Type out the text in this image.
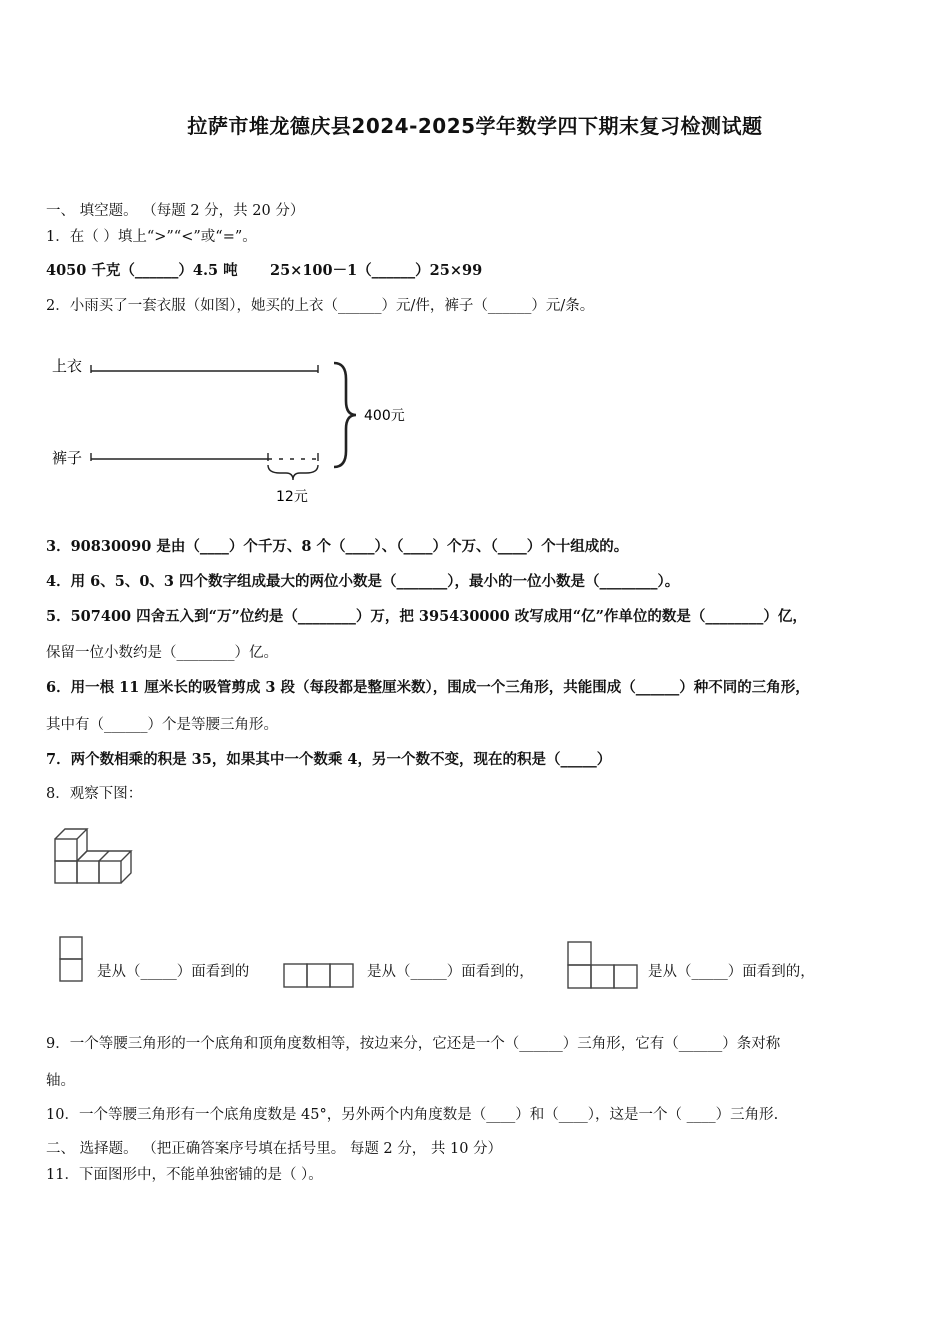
拉萨市堆龙德庆县2024-2025学年数学四下期末复习检测试题
一、 填空题。 （每题 2 分，共 20 分）
1．在（ ）填上“>”“<”或“=”。
4050 千克（______）4.5 吨 25×100－1（______）25×99
2．小雨买了一套衣服（如图），她买的上衣（______）元/件，裤子（______）元/条。
上衣
裤子
12元
400元
3．90830090 是由（____）个千万、8 个（____）、（____）个万、（____）个十组成的。
4．用 6、5、0、3 四个数字组成最大的两位小数是（_______），最小的一位小数是（________）。
5．507400 四舍五入到“万”位约是（________）万，把 395430000 改写成用“亿”作单位的数是（________）亿，
保留一位小数约是（________）亿。
6．用一根 11 厘米长的吸管剪成 3 段（每段都是整厘米数），围成一个三角形，共能围成（______）种不同的三角形，
其中有（______）个是等腰三角形。
7．两个数相乘的积是 35，如果其中一个数乘 4，另一个数不变，现在的积是（_____）
8．观察下图：
是从（_____）面看到的	是从（_____）面看到的，	是从（_____）面看到的，
9．一个等腰三角形的一个底角和顶角度数相等，按边来分，它还是一个（______）三角形，它有（______）条对称
轴。
10．一个等腰三角形有一个底角度数是 45°，另外两个内角度数是（____）和（____），这是一个（ ____）三角形.
二、 选择题。 （把正确答案序号填在括号里。 每题 2 分， 共 10 分）
11．下面图形中，不能单独密铺的是（ ）。
